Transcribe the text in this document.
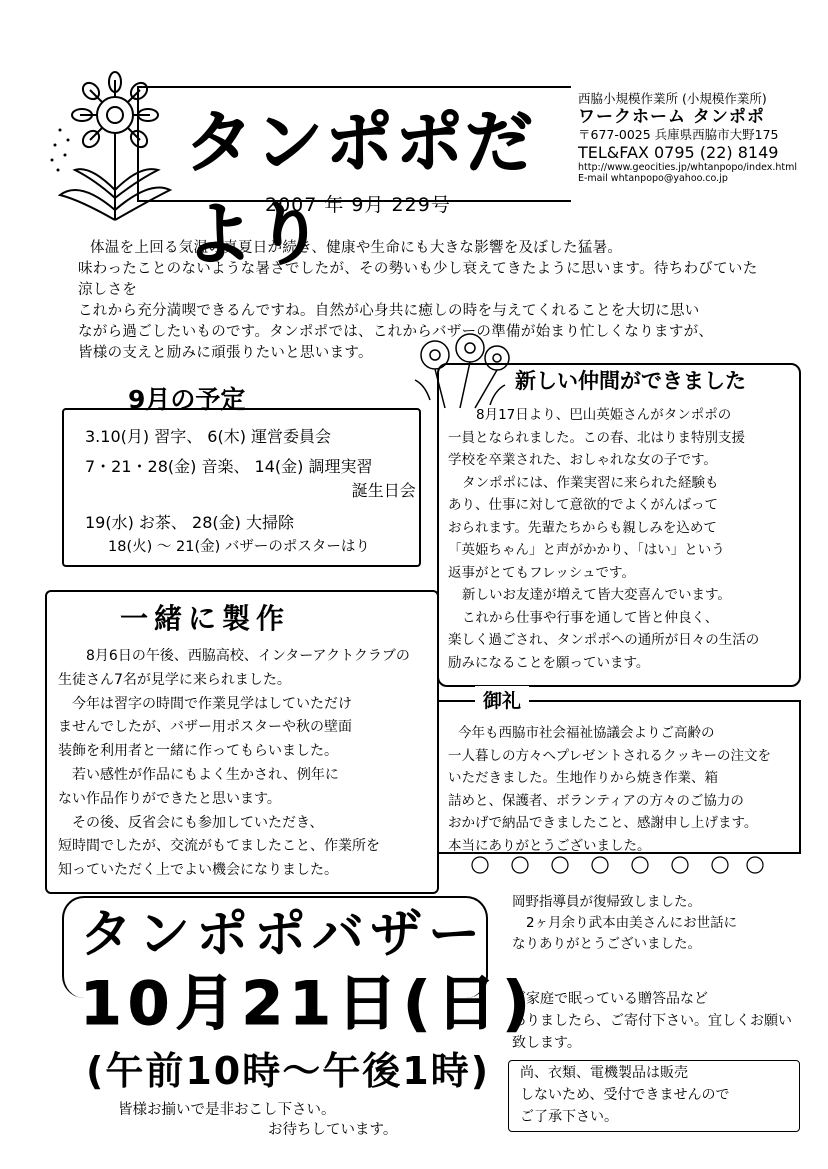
タンポポだより
2007 年 9月 229号
西脇小規模作業所 (小規模作業所)
ワークホーム タンポポ
〒677-0025 兵庫県西脇市大野175
TEL&FAX 0795 (22) 8149
http://www.geocities.jp/whtanpopo/index.html
E-mail whtanpopo@yahoo.co.jp
体温を上回る気温の真夏日が続き、健康や生命にも大きな影響を及ぼした猛暑。
味わったことのないような暑さでしたが、その勢いも少し衰えてきたように思います。待ちわびていた涼しさを
これから充分満喫できるんですね。自然が心身共に癒しの時を与えてくれることを大切に思い
ながら過ごしたいものです。タンポポでは、これからバザーの準備が始まり忙しくなりますが、
皆様の支えと励みに頑張りたいと思います。
9月の予定
3.10(月) 習字、 6(木) 運営委員会
7・21・28(金) 音楽、 14(金) 調理実習
誕生日会
19(水) お茶、 28(金) 大掃除
18(火) 〜 21(金) バザーのポスターはり
一緒に製作
8月6日の午後、西脇高校、インターアクトクラブの
生徒さん7名が見学に来られました。
今年は習字の時間で作業見学はしていただけ
ませんでしたが、バザー用ポスターや秋の壁面
装飾を利用者と一緒に作ってもらいました。
若い感性が作品にもよく生かされ、例年に
ない作品作りができたと思います。
その後、反省会にも参加していただき、
短時間でしたが、交流がもてましたこと、作業所を
知っていただく上でよい機会になりました。
新しい仲間ができました
8月17日より、巴山英姫さんがタンポポの
一員となられました。この春、北はりま特別支援
学校を卒業された、おしゃれな女の子です。
タンポポには、作業実習に来られた経験も
あり、仕事に対して意欲的でよくがんばって
おられます。先輩たちからも親しみを込めて
「英姫ちゃん」と声がかかり、「はい」という
返事がとてもフレッシュです。
新しいお友達が増えて皆大変喜んでいます。
これから仕事や行事を通して皆と仲良く、
楽しく過ごされ、タンポポへの通所が日々の生活の
励みになることを願っています。
御礼
今年も西脇市社会福祉協議会よりご高齢の
一人暮しの方々へプレゼントされるクッキーの注文を
いただきました。生地作りから焼き作業、箱
詰めと、保護者、ボランティアの方々のご協力の
おかげで納品できましたこと、感謝申し上げます。
本当にありがとうございました。
岡野指導員が復帰致しました。
2ヶ月余り武本由美さんにお世話に
なりありがとうございました。
タンポポバザー
10月21日(日)
(午前10時〜午後1時)
皆様お揃いで是非おこし下さい。
お待ちしています。
ご家庭で眠っている贈答品など
ありましたら、ご寄付下さい。宜しくお願い
致します。
尚、衣類、電機製品は販売
しないため、受付できませんので
ご了承下さい。
